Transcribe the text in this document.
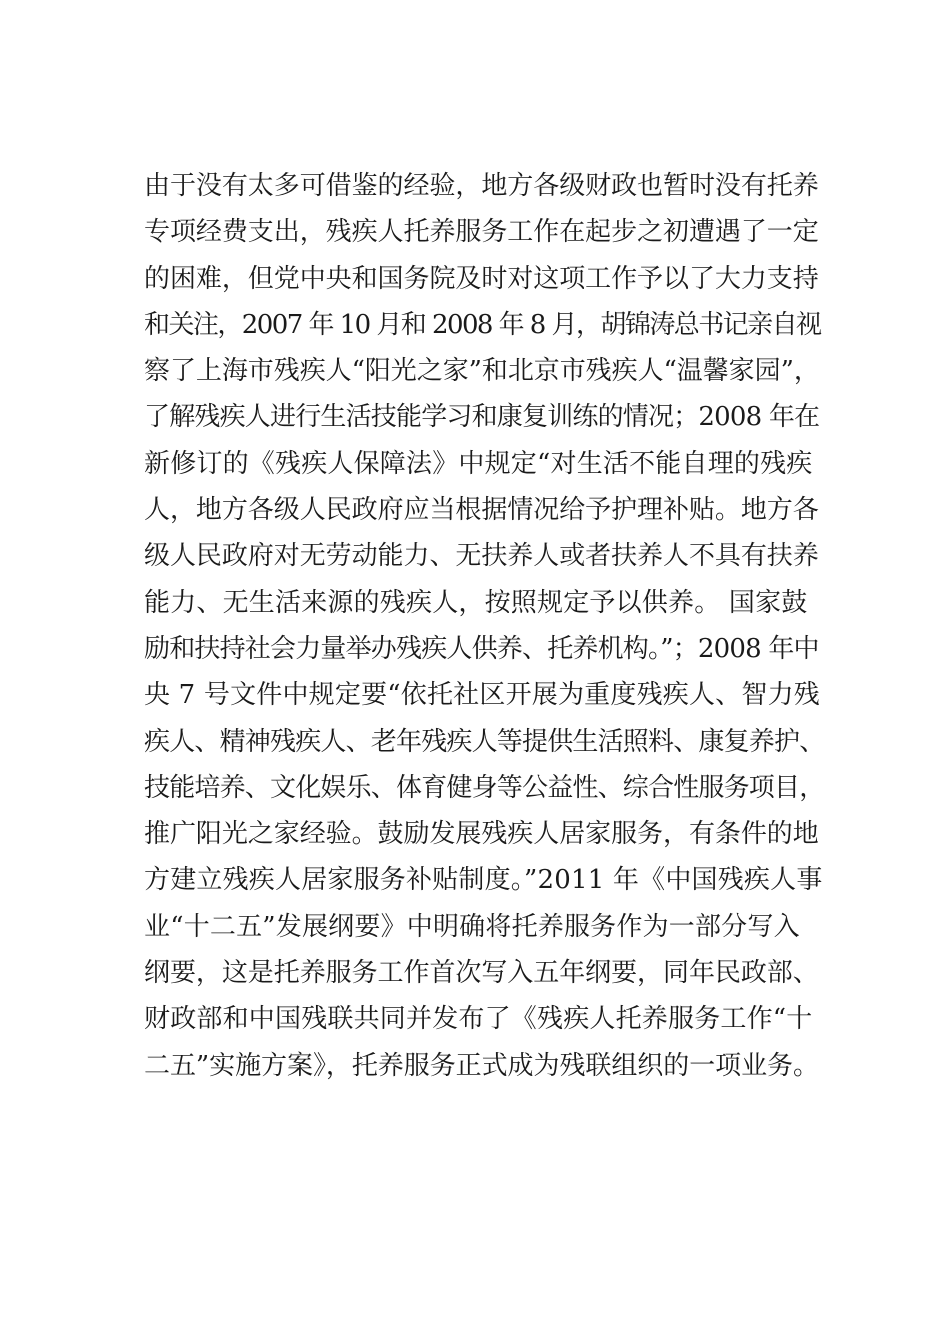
由于没有太多可借鉴的经验，地方各级财政也暂时没有托养
专项经费支出，残疾人托养服务工作在起步之初遭遇了一定
的困难，但党中央和国务院及时对这项工作予以了大力支持
和关注，2007 年 10 月和 2008 年 8 月，胡锦涛总书记亲自视
察了上海市残疾人“阳光之家”和北京市残疾人“温馨家园”，
了解残疾人进行生活技能学习和康复训练的情况；2008 年在
新修订的《残疾人保障法》中规定“对生活不能自理的残疾
人，地方各级人民政府应当根据情况给予护理补贴。地方各
级人民政府对无劳动能力、无扶养人或者扶养人不具有扶养
能力、无生活来源的残疾人，按照规定予以供养。 国家鼓
励和扶持社会力量举办残疾人供养、托养机构。”；2008 年中
央 7 号文件中规定要“依托社区开展为重度残疾人、智力残
疾人、精神残疾人、老年残疾人等提供生活照料、康复养护、
技能培养、文化娱乐、体育健身等公益性、综合性服务项目，
推广阳光之家经验。鼓励发展残疾人居家服务，有条件的地
方建立残疾人居家服务补贴制度。”2011 年《中国残疾人事
业“十二五”发展纲要》中明确将托养服务作为一部分写入
纲要，这是托养服务工作首次写入五年纲要，同年民政部、
财政部和中国残联共同并发布了《残疾人托养服务工作“十
二五”实施方案》，托养服务正式成为残联组织的一项业务。
